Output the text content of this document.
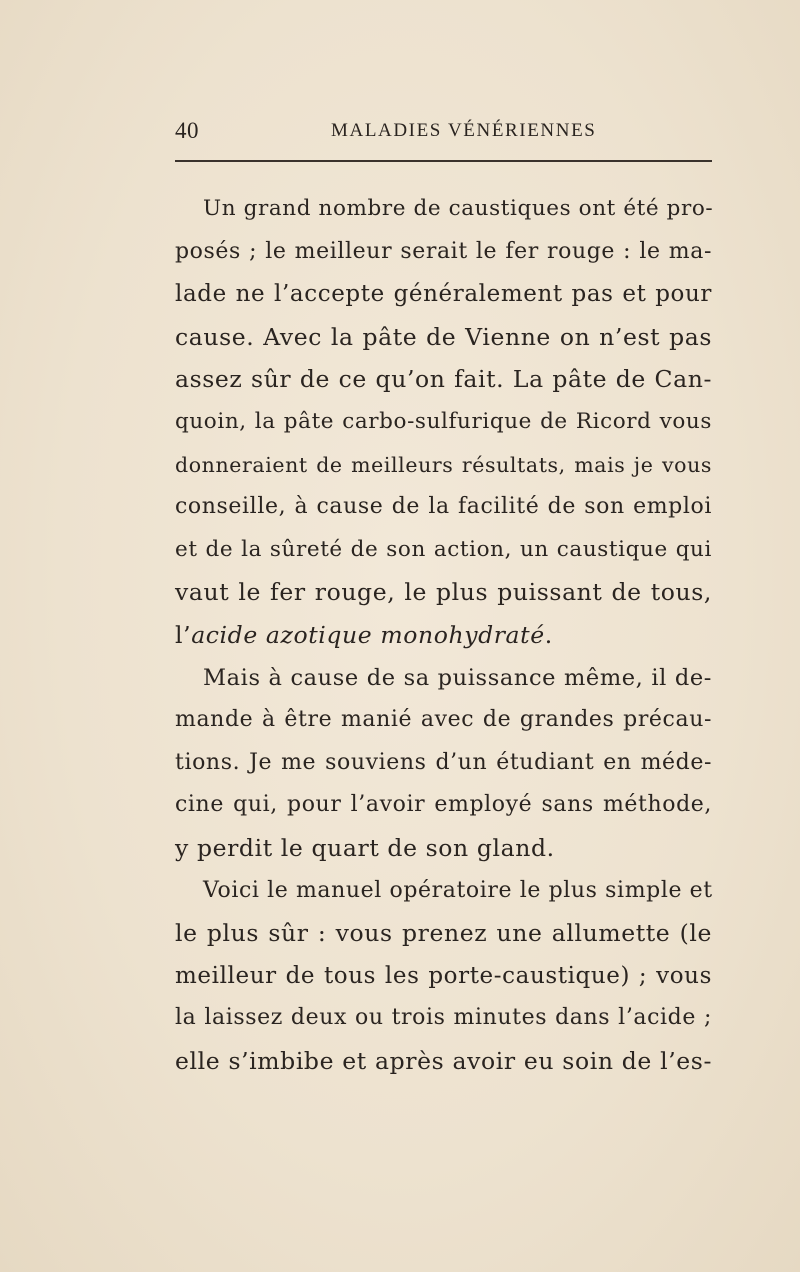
40	MALADIES VÉNÉRIENNES
Un grand nombre de caustiques ont été pro-
posés ; le meilleur serait le fer rouge : le ma-
lade ne l’accepte généralement pas et pour
cause. Avec la pâte de Vienne on n’est pas
assez sûr de ce qu’on fait. La pâte de Can-
quoin, la pâte carbo-sulfurique de Ricord vous
donneraient de meilleurs résultats, mais je vous
conseille, à cause de la facilité de son emploi
et de la sûreté de son action, un caustique qui
vaut le fer rouge, le plus puissant de tous,
l’acide azotique monohydraté.
Mais à cause de sa puissance même, il de-
mande à être manié avec de grandes précau-
tions. Je me souviens d’un étudiant en méde-
cine qui, pour l’avoir employé sans méthode,
y perdit le quart de son gland.
Voici le manuel opératoire le plus simple et
le plus sûr : vous prenez une allumette (le
meilleur de tous les porte-caustique) ; vous
la laissez deux ou trois minutes dans l’acide ;
elle s’imbibe et après avoir eu soin de l’es-
